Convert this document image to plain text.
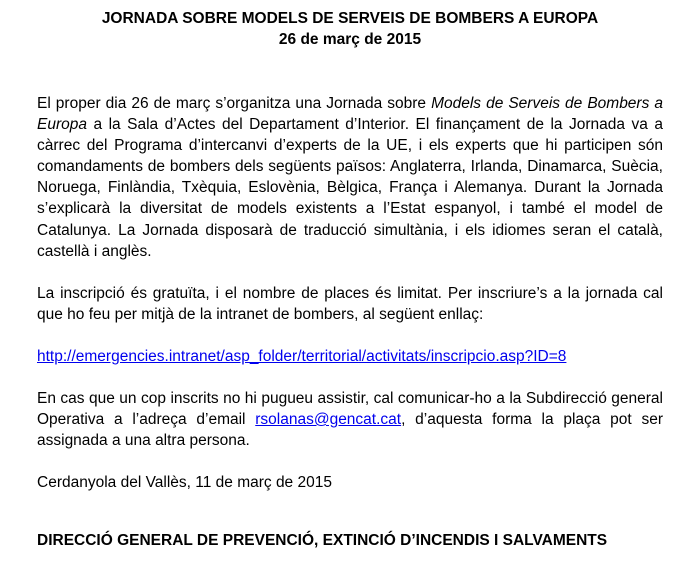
JORNADA SOBRE MODELS DE SERVEIS DE BOMBERS A EUROPA
26 de març de 2015

El proper dia 26 de març s’organitza una Jornada sobre Models de Serveis de Bombers a Europa a la Sala d’Actes del Departament d’Interior. El finançament de la Jornada va a càrrec del Programa d’intercanvi d’experts de la UE, i els experts que hi participen són comandaments de bombers dels següents països: Anglaterra, Irlanda, Dinamarca, Suècia, Noruega, Finlàndia, Txèquia, Eslovènia, Bèlgica, França i Alemanya. Durant la Jornada s’explicarà la diversitat de models existents a l’Estat espanyol, i també el model de Catalunya. La Jornada disposarà de traducció simultània, i els idiomes seran el català, castellà i anglès.

La inscripció és gratuïta, i el nombre de places és limitat. Per inscriure’s a la jornada cal que ho feu per mitjà de la intranet de bombers, al següent enllaç:

http://emergencies.intranet/asp_folder/territorial/activitats/inscripcio.asp?ID=8

En cas que un cop inscrits no hi pugueu assistir, cal comunicar-ho a la Subdirecció general Operativa a l’adreça d’email rsolanas@gencat.cat, d’aquesta forma la plaça pot ser assignada a una altra persona.

Cerdanyola del Vallès, 11 de març de 2015

DIRECCIÓ GENERAL DE PREVENCIÓ, EXTINCIÓ D’INCENDIS I SALVAMENTS
